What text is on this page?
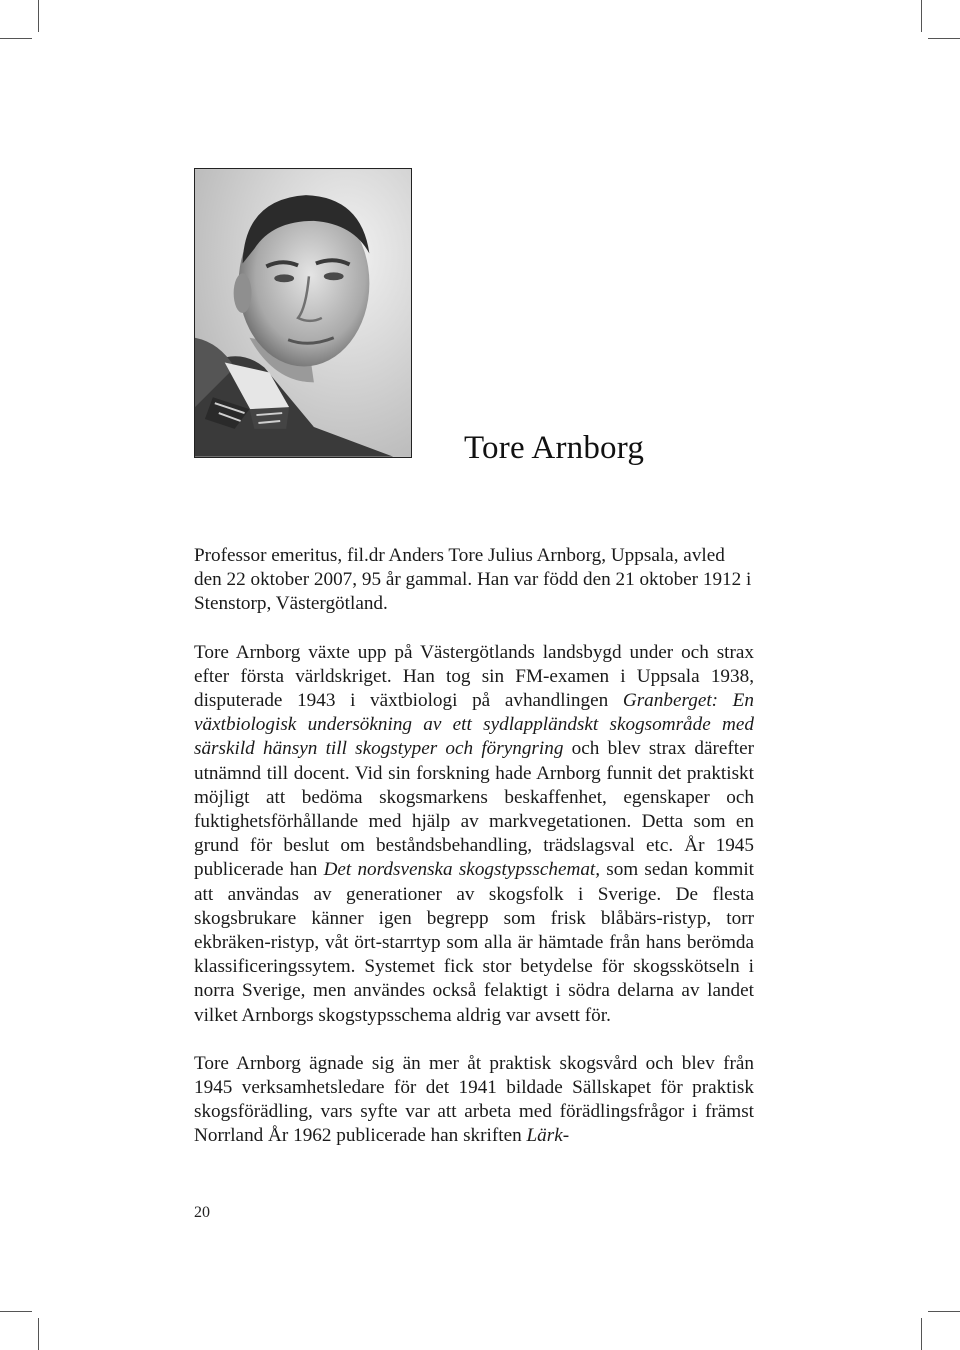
Tore Arnborg

Professor emeritus, fil.dr Anders Tore Julius Arnborg, Uppsala, avled den 22 oktober 2007, 95 år gammal. Han var född den 21 oktober 1912 i Stenstorp, Västergötland.

Tore Arnborg växte upp på Västergötlands landsbygd under och strax efter första världskriget. Han tog sin FM-examen i Uppsala 1938, disputerade 1943 i växtbiologi på avhandlingen Granberget: En växtbiologisk undersökning av ett sydlappländskt skogsområde med särskild hänsyn till skogstyper och föryngring och blev strax därefter utnämnd till docent. Vid sin forskning hade Arnborg funnit det praktiskt möjligt att bedöma skogsmarkens beskaffenhet, egenskaper och fuktighetsförhållande med hjälp av markvegetationen. Detta som en grund för beslut om beståndsbehandling, trädslagsval etc. År 1945 publicerade han Det nordsvenska skogstypsschemat, som sedan kommit att användas av generationer av skogsfolk i Sverige. De flesta skogsbrukare känner igen begrepp som frisk blåbärs-ristyp, torr ekbräken-ristyp, våt ört-starrtyp som alla är hämtade från hans berömda klassificeringssytem. Systemet fick stor betydelse för skogsskötseln i norra Sverige, men användes också felaktigt i södra delarna av landet vilket Arnborgs skogstypsschema aldrig var avsett för.

Tore Arnborg ägnade sig än mer åt praktisk skogsvård och blev från 1945 verksamhetsledare för det 1941 bildade Sällskapet för praktisk skogsförädling, vars syfte var att arbeta med förädlingsfrågor i främst Norrland År 1962 publicerade han skriften Lärk-

20
